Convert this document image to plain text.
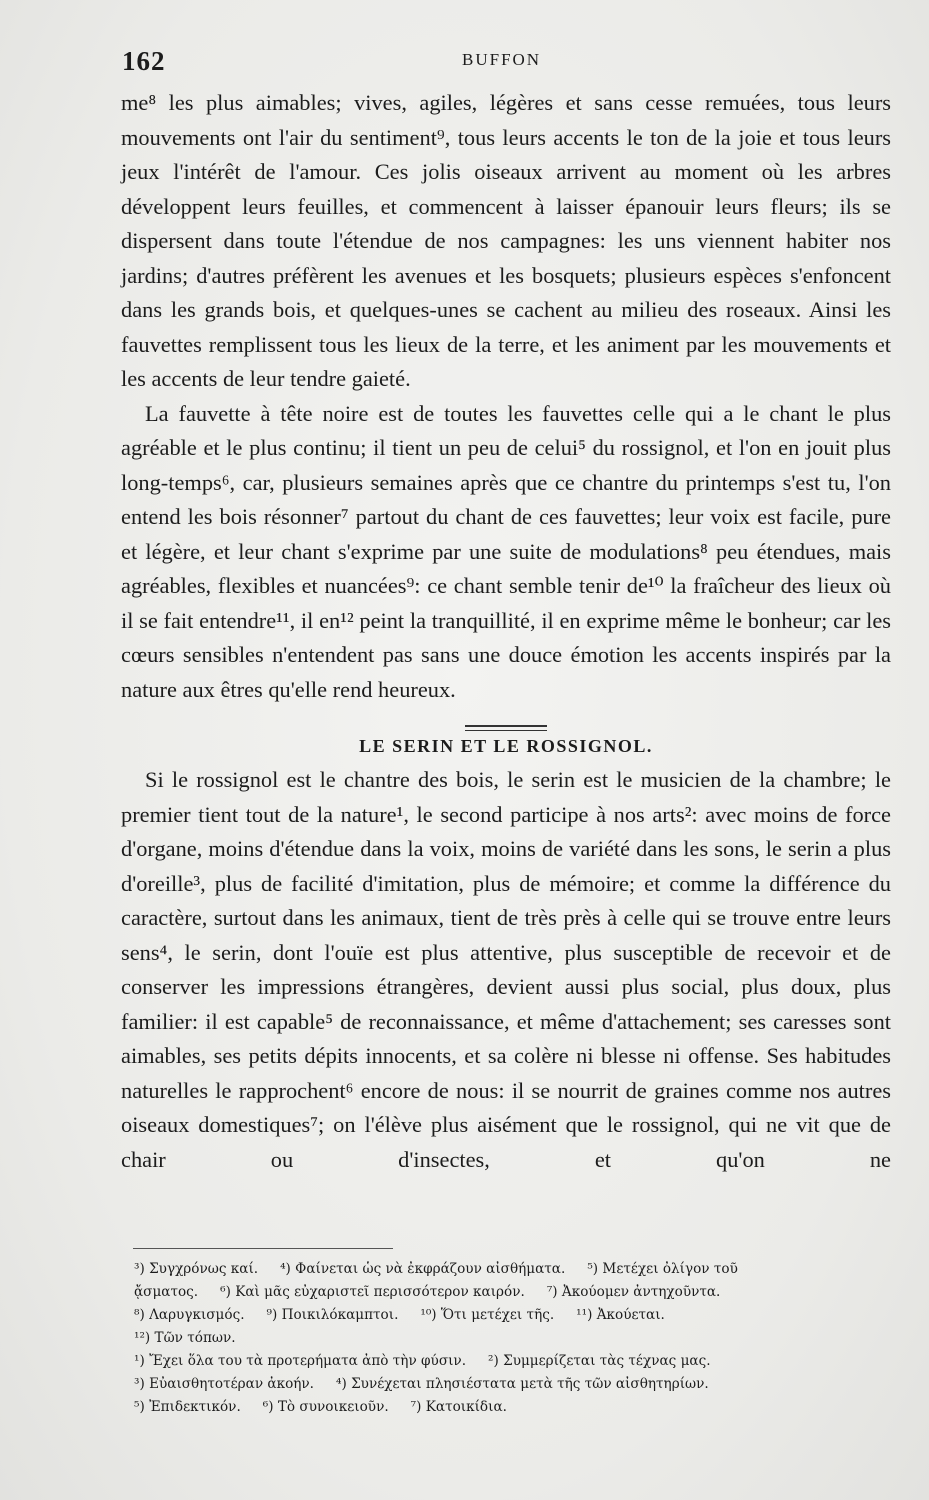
162	BUFFON

me⁸ les plus aimables; vives, agiles, légères et sans cesse remuées, tous leurs mouvements ont l'air du sentiment⁹, tous leurs accents le ton de la joie et tous leurs jeux l'intérêt de l'amour. Ces jolis oiseaux arrivent au moment où les arbres développent leurs feuilles, et commencent à laisser épanouir leurs fleurs; ils se dispersent dans toute l'étendue de nos campagnes: les uns viennent habiter nos jardins; d'autres préfèrent les avenues et les bosquets; plusieurs espèces s'enfoncent dans les grands bois, et quelques-unes se cachent au milieu des roseaux. Ainsi les fauvettes remplissent tous les lieux de la terre, et les animent par les mouvements et les accents de leur tendre gaieté.

La fauvette à tête noire est de toutes les fauvettes celle qui a le chant le plus agréable et le plus continu; il tient un peu de celui⁵ du rossignol, et l'on en jouit plus long-temps⁶, car, plusieurs semaines après que ce chantre du printemps s'est tu, l'on entend les bois résonner⁷ partout du chant de ces fauvettes; leur voix est facile, pure et légère, et leur chant s'exprime par une suite de modulations⁸ peu étendues, mais agréables, flexibles et nuancées⁹: ce chant semble tenir de¹⁰ la fraîcheur des lieux où il se fait entendre¹¹, il en¹² peint la tranquillité, il en exprime même le bonheur; car les cœurs sensibles n'entendent pas sans une douce émotion les accents inspirés par la nature aux êtres qu'elle rend heureux.

LE SERIN ET LE ROSSIGNOL.

Si le rossignol est le chantre des bois, le serin est le musicien de la chambre; le premier tient tout de la nature¹, le second participe à nos arts²: avec moins de force d'organe, moins d'étendue dans la voix, moins de variété dans les sons, le serin a plus d'oreille³, plus de facilité d'imitation, plus de mémoire; et comme la différence du caractère, surtout dans les animaux, tient de très près à celle qui se trouve entre leurs sens⁴, le serin, dont l'ouïe est plus attentive, plus susceptible de recevoir et de conserver les impressions étrangères, devient aussi plus social, plus doux, plus familier: il est capable⁵ de reconnaissance, et même d'attachement; ses caresses sont aimables, ses petits dépits innocents, et sa colère ni blesse ni offense. Ses habitudes naturelles le rapprochent⁶ encore de nous: il se nourrit de graines comme nos autres oiseaux domestiques⁷; on l'élève plus aisément que le rossignol, qui ne vit que de chair ou d'insectes, et qu'on ne

³) Συγχρόνως καί. ⁴) Φαίνεται ὡς νὰ ἐκφράζουν αἰσθήματα. ⁵) Μετέχει ὀλίγον τοῦ
ᾄσματος. ⁶) Καὶ μᾶς εὐχαριστεῖ περισσότερον καιρόν. ⁷) Ἀκούομεν ἀντηχοῦντα.
⁸) Λαρυγκισμός. ⁹) Ποικιλόκαμπτοι. ¹⁰) Ὅτι μετέχει τῆς. ¹¹) Ἀκούεται.
¹²) Τῶν τόπων.
¹) Ἔχει ὅλα του τὰ προτερήματα ἀπὸ τὴν φύσιν. ²) Συμμερίζεται τὰς τέχνας μας.
³) Εὐαισθητοτέραν ἀκοήν. ⁴) Συνέχεται πλησιέστατα μετὰ τῆς τῶν αἰσθητηρίων.
⁵) Ἐπιδεκτικόν. ⁶) Τὸ συνοικειοῦν. ⁷) Κατοικίδια.
